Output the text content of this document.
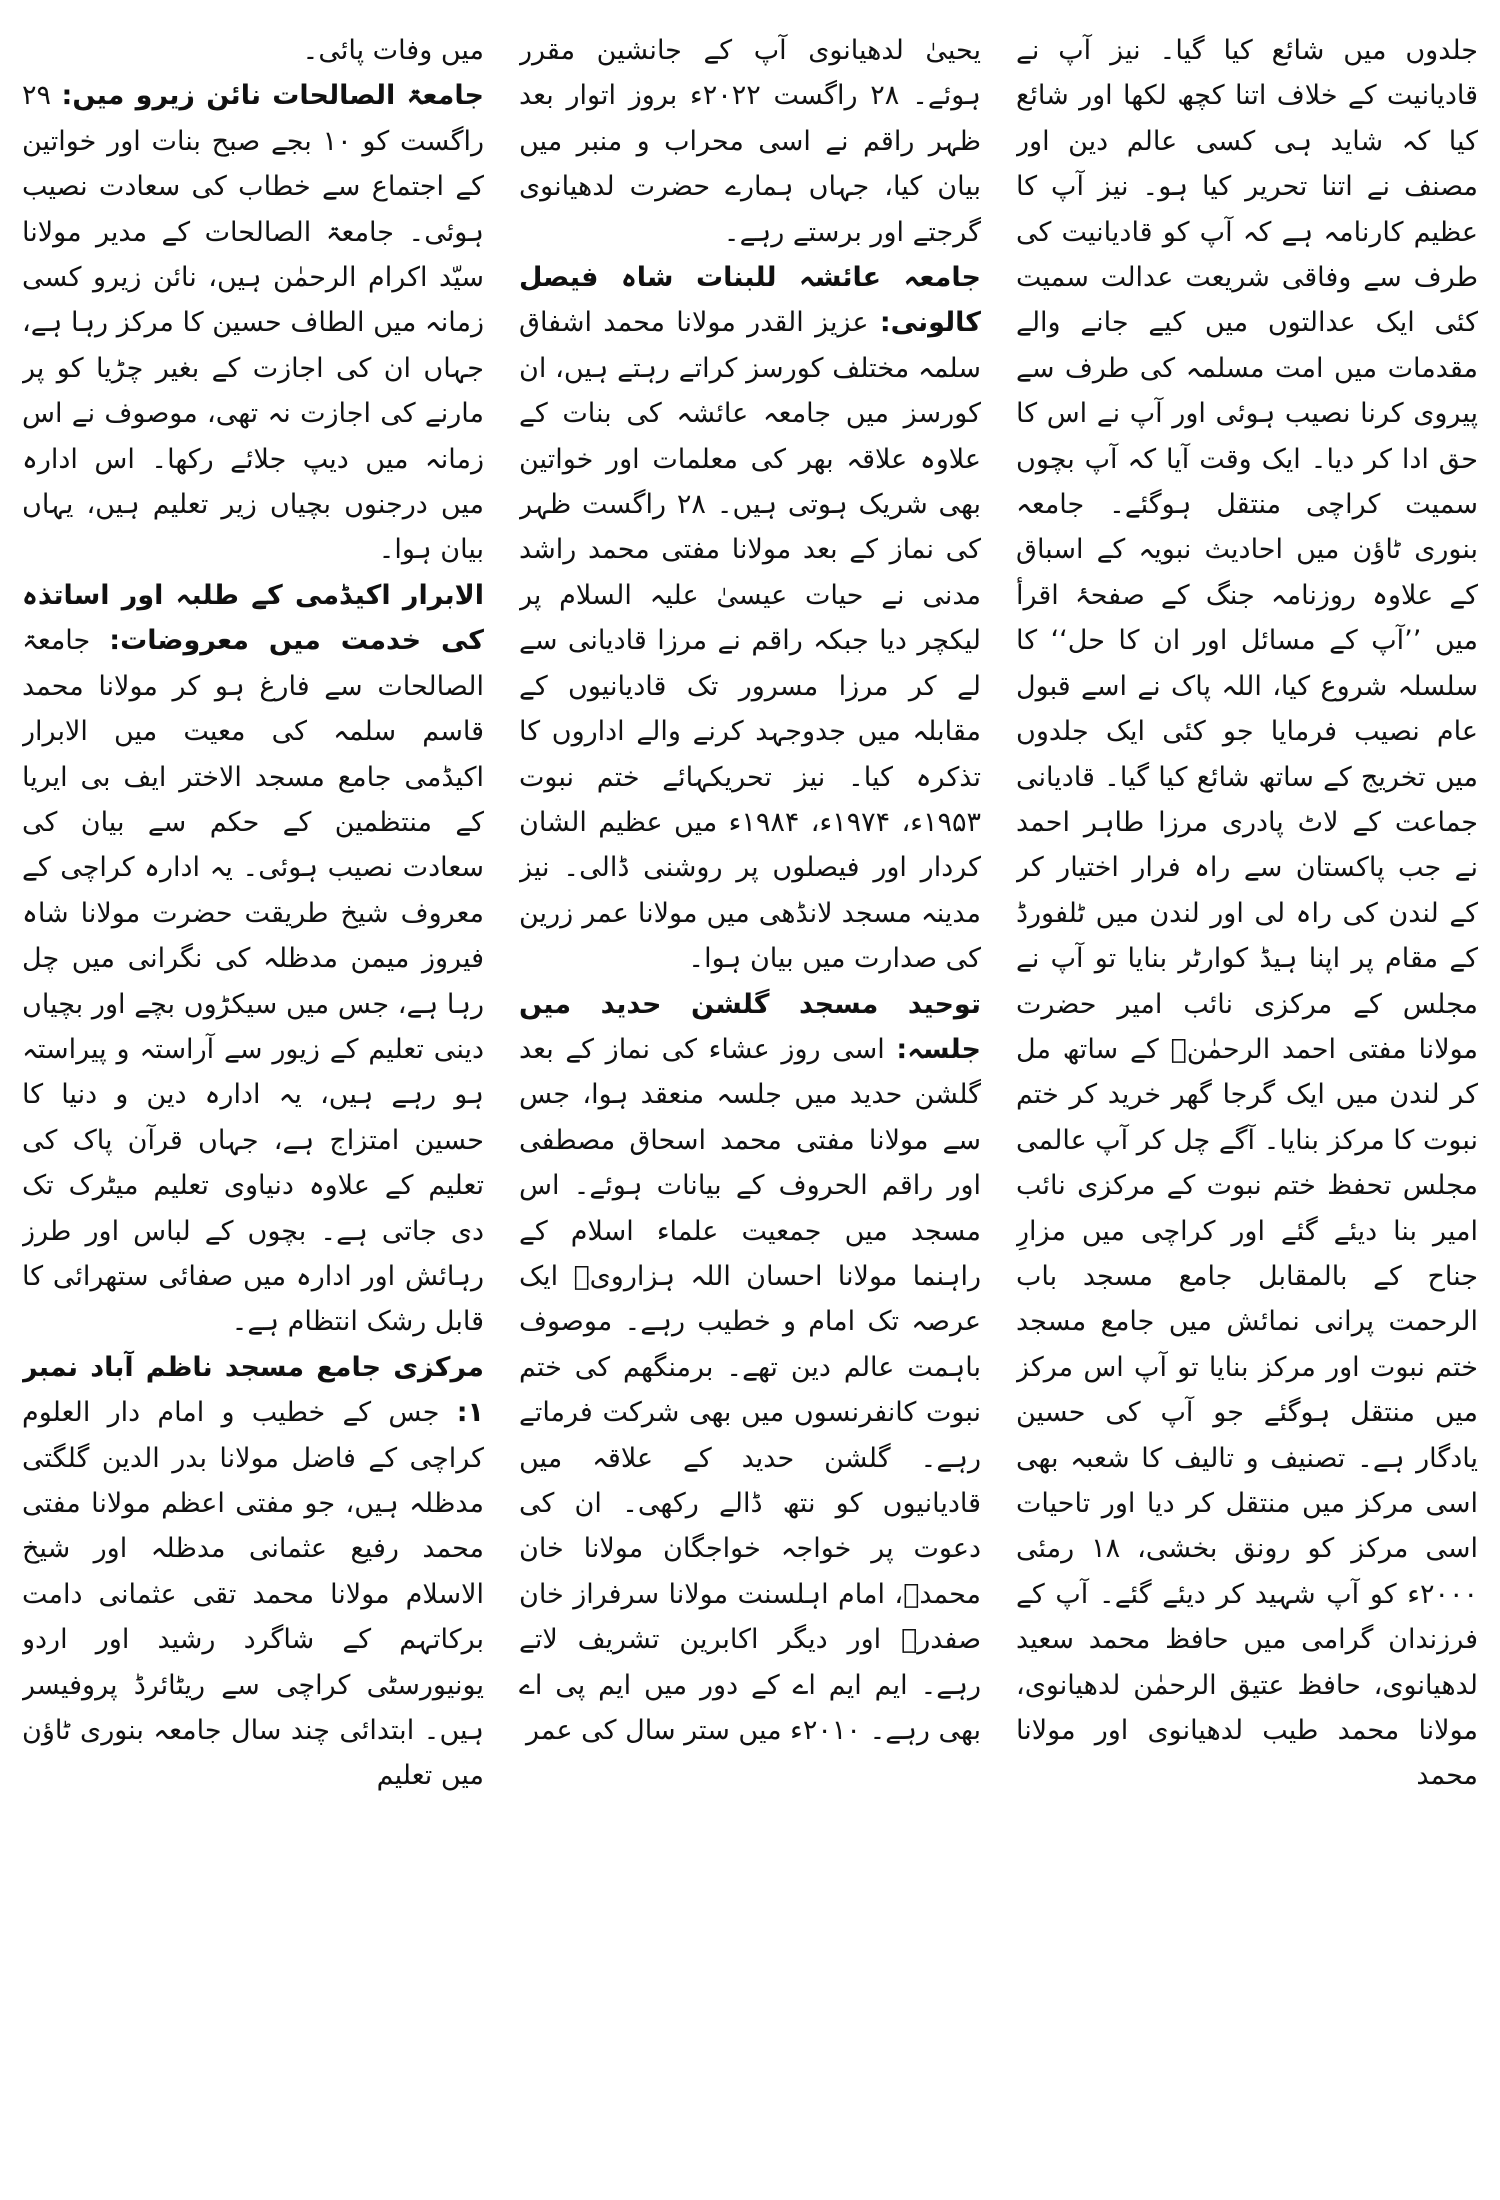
جلدوں میں شائع کیا گیا۔ نیز آپ نے قادیانیت کے خلاف اتنا کچھ لکھا اور شائع کیا کہ شاید ہی کسی عالم دین اور مصنف نے اتنا تحریر کیا ہو۔ نیز آپ کا عظیم کارنامہ ہے کہ آپ کو قادیانیت کی طرف سے وفاقی شریعت عدالت سمیت کئی ایک عدالتوں میں کیے جانے والے مقدمات میں امت مسلمہ کی طرف سے پیروی کرنا نصیب ہوئی اور آپ نے اس کا حق ادا کر دیا۔ ایک وقت آیا کہ آپ بچوں سمیت کراچی منتقل ہوگئے۔ جامعہ بنوری ٹاؤن میں احادیث نبویہ کے اسباق کے علاوہ روزنامہ جنگ کے صفحۂ اقرأ میں ’’آپ کے مسائل اور ان کا حل‘‘ کا سلسلہ شروع کیا، اللہ پاک نے اسے قبول عام نصیب فرمایا جو کئی ایک جلدوں میں تخریج کے ساتھ شائع کیا گیا۔ قادیانی جماعت کے لاٹ پادری مرزا طاہر احمد نے جب پاکستان سے راہ فرار اختیار کر کے لندن کی راہ لی اور لندن میں ٹلفورڈ کے مقام پر اپنا ہیڈ کوارٹر بنایا تو آپ نے مجلس کے مرکزی نائب امیر حضرت مولانا مفتی احمد الرحمٰنؒ کے ساتھ مل کر لندن میں ایک گرجا گھر خرید کر ختم نبوت کا مرکز بنایا۔ آگے چل کر آپ عالمی مجلس تحفظ ختم نبوت کے مرکزی نائب امیر بنا دیئے گئے اور کراچی میں مزارِ جناح کے بالمقابل جامع مسجد باب الرحمت پرانی نمائش میں جامع مسجد ختم نبوت اور مرکز بنایا تو آپ اس مرکز میں منتقل ہوگئے جو آپ کی حسین یادگار ہے۔ تصنیف و تالیف کا شعبہ بھی اسی مرکز میں منتقل کر دیا اور تاحیات اسی مرکز کو رونق بخشی، ۱۸ رمئی ۲۰۰۰ء کو آپ شہید کر دیئے گئے۔ آپ کے فرزندان گرامی میں حافظ محمد سعید لدھیانوی، حافظ عتیق الرحمٰن لدھیانوی، مولانا محمد طیب لدھیانوی اور مولانا محمد

یحییٰ لدھیانوی آپ کے جانشین مقرر ہوئے۔ ۲۸ راگست ۲۰۲۲ء بروز اتوار بعد ظہر راقم نے اسی محراب و منبر میں بیان کیا، جہاں ہمارے حضرت لدھیانوی گرجتے اور برستے رہے۔

جامعہ عائشہ للبنات شاہ فیصل کالونی: عزیز القدر مولانا محمد اشفاق سلمہ مختلف کورسز کراتے رہتے ہیں، ان کورسز میں جامعہ عائشہ کی بنات کے علاوہ علاقہ بھر کی معلمات اور خواتین بھی شریک ہوتی ہیں۔ ۲۸ راگست ظہر کی نماز کے بعد مولانا مفتی محمد راشد مدنی نے حیات عیسیٰ علیہ السلام پر لیکچر دیا جبکہ راقم نے مرزا قادیانی سے لے کر مرزا مسرور تک قادیانیوں کے مقابلہ میں جدوجہد کرنے والے اداروں کا تذکرہ کیا۔ نیز تحریکہائے ختم نبوت ۱۹۵۳ء، ۱۹۷۴ء، ۱۹۸۴ء میں عظیم الشان کردار اور فیصلوں پر روشنی ڈالی۔ نیز مدینہ مسجد لانڈھی میں مولانا عمر زرین کی صدارت میں بیان ہوا۔

توحید مسجد گلشن حدید میں جلسہ: اسی روز عشاء کی نماز کے بعد گلشن حدید میں جلسہ منعقد ہوا، جس سے مولانا مفتی محمد اسحاق مصطفی اور راقم الحروف کے بیانات ہوئے۔ اس مسجد میں جمعیت علماء اسلام کے راہنما مولانا احسان اللہ ہزارویؒ ایک عرصہ تک امام و خطیب رہے۔ موصوف باہمت عالم دین تھے۔ برمنگھم کی ختم نبوت کانفرنسوں میں بھی شرکت فرماتے رہے۔ گلشن حدید کے علاقہ میں قادیانیوں کو نتھ ڈالے رکھی۔ ان کی دعوت پر خواجہ خواجگان مولانا خان محمدؒ، امام اہلسنت مولانا سرفراز خان صفدرؒ اور دیگر اکابرین تشریف لاتے رہے۔ ایم ایم اے کے دور میں ایم پی اے بھی رہے۔ ۲۰۱۰ء میں ستر سال کی عمر

میں وفات پائی۔

جامعۃ الصالحات نائن زیرو میں: ۲۹ راگست کو ۱۰ بجے صبح بنات اور خواتین کے اجتماع سے خطاب کی سعادت نصیب ہوئی۔ جامعۃ الصالحات کے مدیر مولانا سیّد اکرام الرحمٰن ہیں، نائن زیرو کسی زمانہ میں الطاف حسین کا مرکز رہا ہے، جہاں ان کی اجازت کے بغیر چڑیا کو پر مارنے کی اجازت نہ تھی، موصوف نے اس زمانہ میں دیپ جلائے رکھا۔ اس ادارہ میں درجنوں بچیاں زیر تعلیم ہیں، یہاں بیان ہوا۔

الابرار اکیڈمی کے طلبہ اور اساتذہ کی خدمت میں معروضات: جامعۃ الصالحات سے فارغ ہو کر مولانا محمد قاسم سلمہ کی معیت میں الابرار اکیڈمی جامع مسجد الاختر ایف بی ایریا کے منتظمین کے حکم سے بیان کی سعادت نصیب ہوئی۔ یہ ادارہ کراچی کے معروف شیخ طریقت حضرت مولانا شاہ فیروز میمن مدظلہ کی نگرانی میں چل رہا ہے، جس میں سیکڑوں بچے اور بچیاں دینی تعلیم کے زیور سے آراستہ و پیراستہ ہو رہے ہیں، یہ ادارہ دین و دنیا کا حسین امتزاج ہے، جہاں قرآن پاک کی تعلیم کے علاوہ دنیاوی تعلیم میٹرک تک دی جاتی ہے۔ بچوں کے لباس اور طرز رہائش اور ادارہ میں صفائی ستھرائی کا قابل رشک انتظام ہے۔

مرکزی جامع مسجد ناظم آباد نمبر ۱: جس کے خطیب و امام دار العلوم کراچی کے فاضل مولانا بدر الدین گلگتی مدظلہ ہیں، جو مفتی اعظم مولانا مفتی محمد رفیع عثمانی مدظلہ اور شیخ الاسلام مولانا محمد تقی عثمانی دامت برکاتہم کے شاگرد رشید اور اردو یونیورسٹی کراچی سے ریٹائرڈ پروفیسر ہیں۔ ابتدائی چند سال جامعہ بنوری ٹاؤن میں تعلیم
